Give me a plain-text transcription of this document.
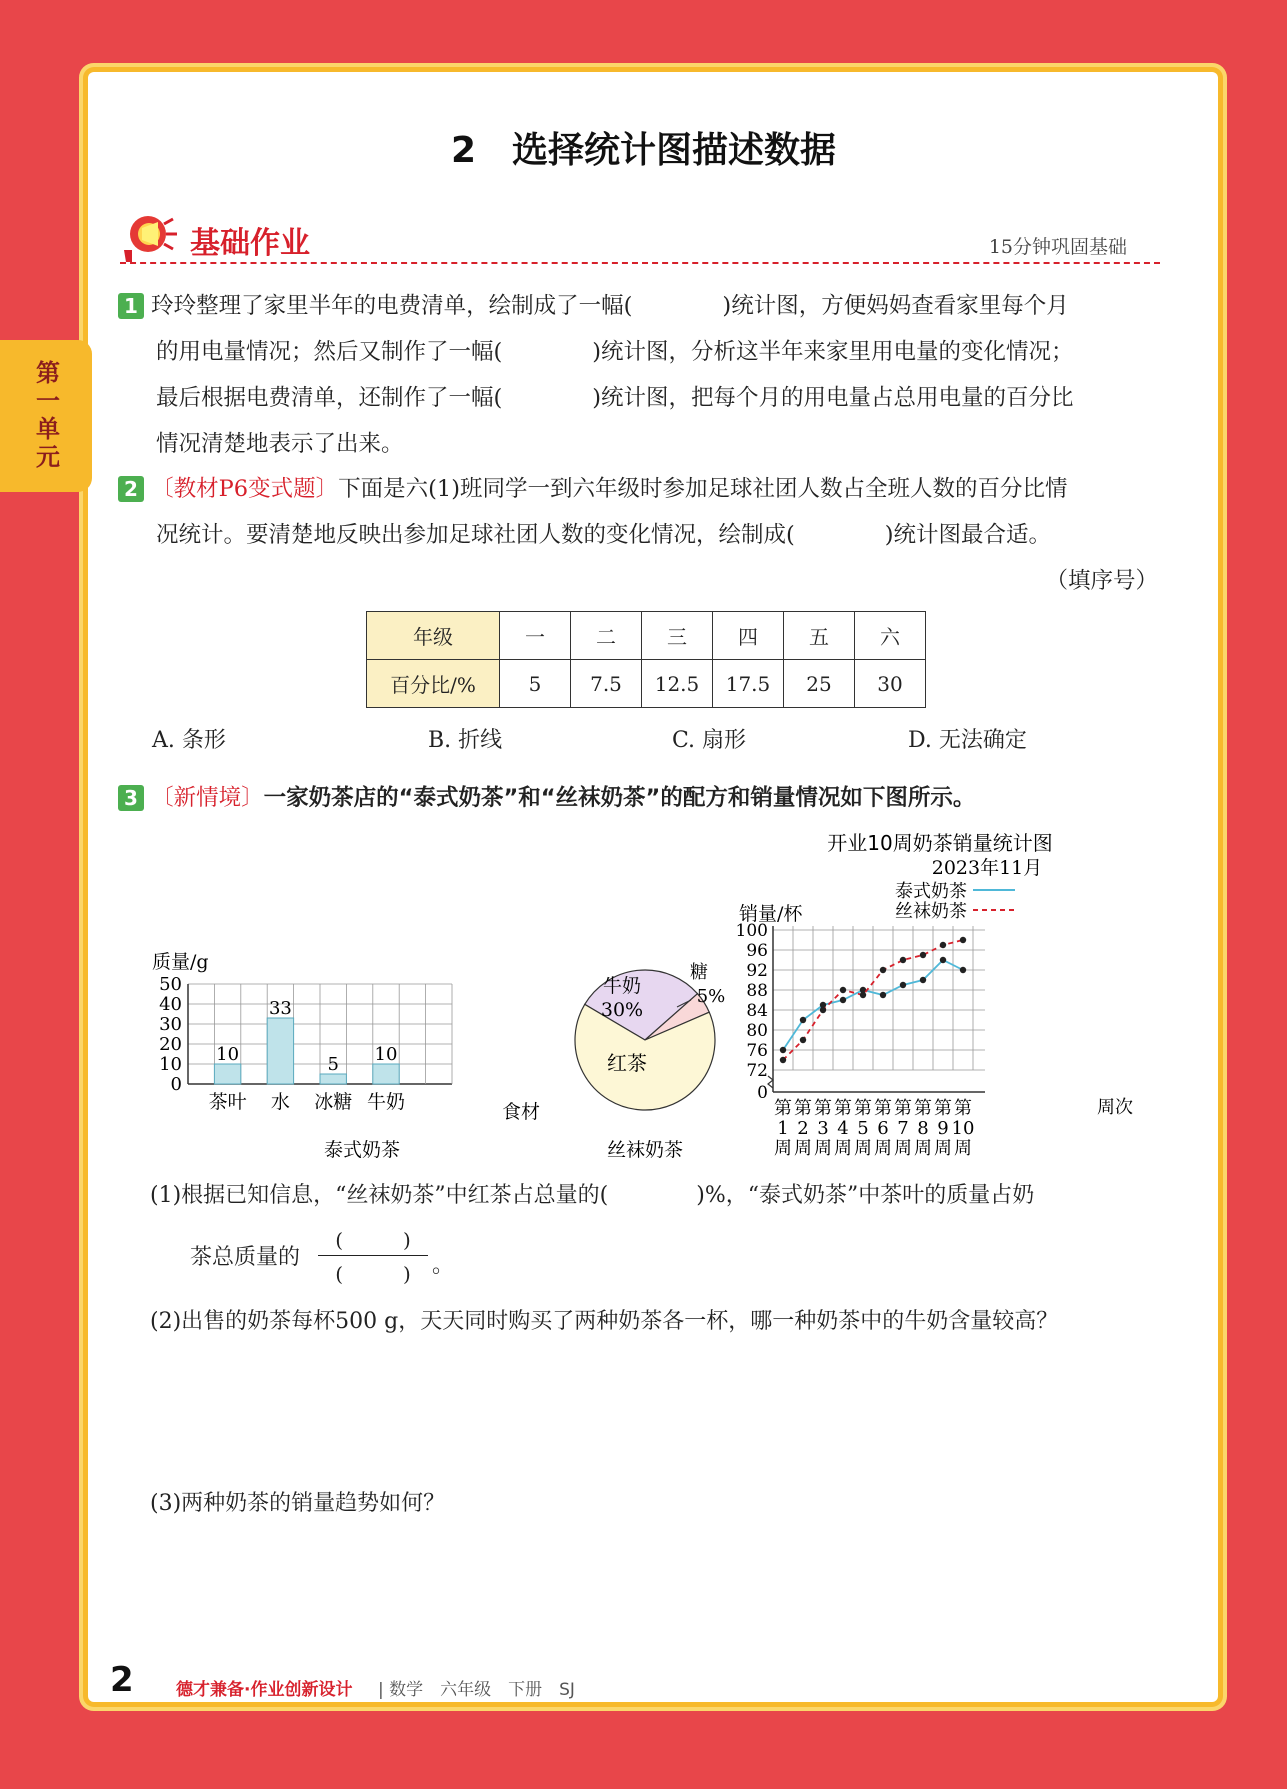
第一单元
2　选择统计图描述数据
基础作业	15分钟巩固基础
1 玲玲整理了家里半年的电费清单，绘制成了一幅(　　　　)统计图，方便妈妈查看家里每个月
的用电量情况；然后又制作了一幅(　　　　)统计图，分析这半年来家里用电量的变化情况；
最后根据电费清单，还制作了一幅(　　　　)统计图，把每个月的用电量占总用电量的百分比
情况清楚地表示了出来。
2 〔教材P6变式题〕下面是六(1)班同学一到六年级时参加足球社团人数占全班人数的百分比情
况统计。要清楚地反映出参加足球社团人数的变化情况，绘制成(　　　　)统计图最合适。
（填序号）
年级	一	二	三	四	五	六
百分比/%	5	7.5	12.5	17.5	25	30
A. 条形	B. 折线	C. 扇形	D. 无法确定
3 〔新情境〕一家奶茶店的“泰式奶茶”和“丝袜奶茶”的配方和销量情况如下图所示。
质量/g
0
10
20
30
40
50
10
33
5 10
茶叶 水 冰糖 牛奶	食材
泰式奶茶
牛奶
30%
糖
5%
红茶
丝袜奶茶
开业10周奶茶销量统计图
2023年11月
泰式奶茶
丝袜奶茶
销量/杯
0
72
76
80
84
88
92
96
100
第
1
周
第
2
周
第
3
周
第
4
周
第
5
周
第
6
周
第
7
周
第
8
周
第
9
周
第
10
周
周次
(1)根据已知信息，“丝袜奶茶”中红茶占总量的(　　　　)%，“泰式奶茶”中茶叶的质量占奶
茶总质量的
(　　　)
(　　　) 。
(2)出售的奶茶每杯500 g，天天同时购买了两种奶茶各一杯，哪一种奶茶中的牛奶含量较高？
(3)两种奶茶的销量趋势如何？
2 德才兼备·作业创新设计 | 数学　六年级　下册　SJ
